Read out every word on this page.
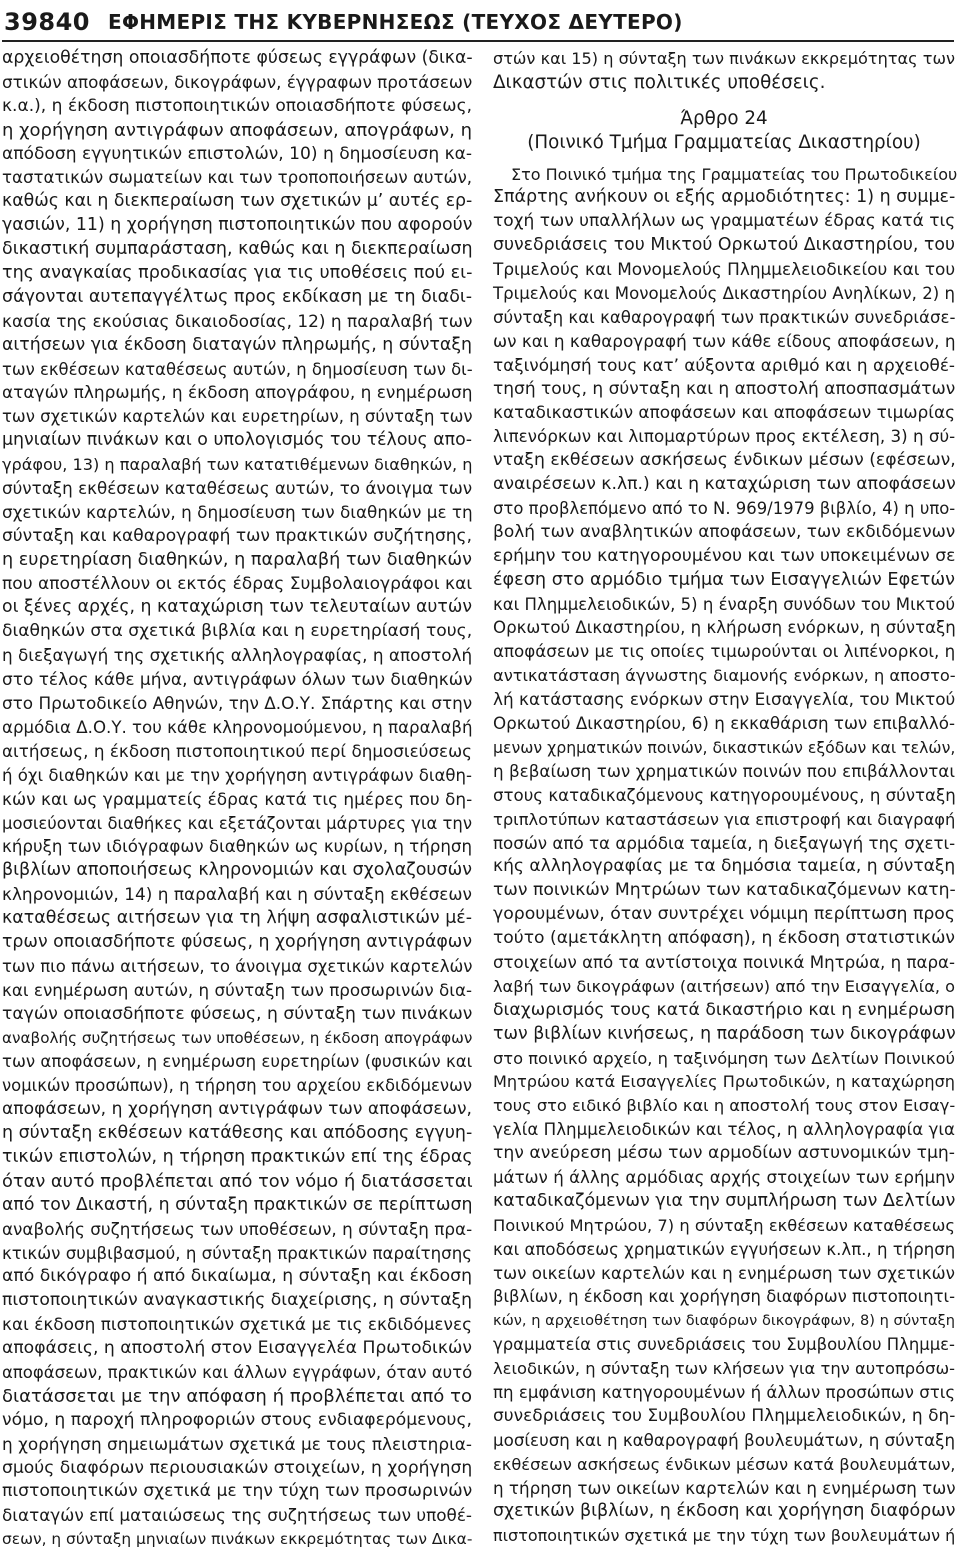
39840 ΕΦΗΜΕΡΙΣ ΤΗΣ ΚΥΒΕΡΝΗΣΕΩΣ (ΤΕΥΧΟΣ ΔΕΥΤΕΡΟ)
αρχειοθέτηση οποιασδήποτε φύσεως εγγράφων (δικα-
στικών αποφάσεων, δικογράφων, έγγραφων προτάσεων
κ.α.), η έκδοση πιστοποιητικών οποιασδήποτε φύσεως,
η χορήγηση αντιγράφων αποφάσεων, απογράφων, η
απόδοση εγγυητικών επιστολών, 10) η δημοσίευση κα-
ταστατικών σωματείων και των τροποποιήσεων αυτών,
καθώς και η διεκπεραίωση των σχετικών μ’ αυτές ερ-
γασιών, 11) η χορήγηση πιστοποιητικών που αφορούν
δικαστική συμπαράσταση, καθώς και η διεκπεραίωση
της αναγκαίας προδικασίας για τις υποθέσεις πού ει-
σάγονται αυτεπαγγέλτως προς εκδίκαση με τη διαδι-
κασία της εκούσιας δικαιοδοσίας, 12) η παραλαβή των
αιτήσεων για έκδοση διαταγών πληρωμής, η σύνταξη
των εκθέσεων καταθέσεως αυτών, η δημοσίευση των δι-
αταγών πληρωμής, η έκδοση απογράφου, η ενημέρωση
των σχετικών καρτελών και ευρετηρίων, η σύνταξη των
μηνιαίων πινάκων και ο υπολογισμός του τέλους απο-
γράφου, 13) η παραλαβή των κατατιθέμενων διαθηκών, η
σύνταξη εκθέσεων καταθέσεως αυτών, το άνοιγμα των
σχετικών καρτελών, η δημοσίευση των διαθηκών με τη
σύνταξη και καθαρογραφή των πρακτικών συζήτησης,
η ευρετηρίαση διαθηκών, η παραλαβή των διαθηκών
που αποστέλλουν οι εκτός έδρας Συμβολαιογράφοι και
οι ξένες αρχές, η καταχώριση των τελευταίων αυτών
διαθηκών στα σχετικά βιβλία και η ευρετηρίασή τους,
η διεξαγωγή της σχετικής αλληλογραφίας, η αποστολή
στο τέλος κάθε μήνα, αντιγράφων όλων των διαθηκών
στο Πρωτοδικείο Αθηνών, την Δ.Ο.Υ. Σπάρτης και στην
αρμόδια Δ.Ο.Υ. του κάθε κληρονομούμενου, η παραλαβή
αιτήσεως, η έκδοση πιστοποιητικού περί δημοσιεύσεως
ή όχι διαθηκών και με την χορήγηση αντιγράφων διαθη-
κών και ως γραμματείς έδρας κατά τις ημέρες που δη-
μοσιεύονται διαθήκες και εξετάζονται μάρτυρες για την
κήρυξη των ιδιόγραφων διαθηκών ως κυρίων, η τήρηση
βιβλίων αποποιήσεως κληρονομιών και σχολαζουσών
κληρονομιών, 14) η παραλαβή και η σύνταξη εκθέσεων
καταθέσεως αιτήσεων για τη λήψη ασφαλιστικών μέ-
τρων οποιασδήποτε φύσεως, η χορήγηση αντιγράφων
των πιο πάνω αιτήσεων, το άνοιγμα σχετικών καρτελών
και ενημέρωση αυτών, η σύνταξη των προσωρινών δια-
ταγών οποιασδήποτε φύσεως, η σύνταξη των πινάκων
αναβολής συζητήσεως των υποθέσεων, η έκδοση απογράφων
των αποφάσεων, η ενημέρωση ευρετηρίων (φυσικών και
νομικών προσώπων), η τήρηση του αρχείου εκδιδόμενων
αποφάσεων, η χορήγηση αντιγράφων των αποφάσεων,
η σύνταξη εκθέσεων κατάθεσης και απόδοσης εγγυη-
τικών επιστολών, η τήρηση πρακτικών επί της έδρας
όταν αυτό προβλέπεται από τον νόμο ή διατάσσεται
από τον Δικαστή, η σύνταξη πρακτικών σε περίπτωση
αναβολής συζητήσεως των υποθέσεων, η σύνταξη πρα-
κτικών συμβιβασμού, η σύνταξη πρακτικών παραίτησης
από δικόγραφο ή από δικαίωμα, η σύνταξη και έκδοση
πιστοποιητικών αναγκαστικής διαχείρισης, η σύνταξη
και έκδοση πιστοποιητικών σχετικά με τις εκδιδόμενες
αποφάσεις, η αποστολή στον Εισαγγελέα Πρωτοδικών
αποφάσεων, πρακτικών και άλλων εγγράφων, όταν αυτό
διατάσσεται με την απόφαση ή προβλέπεται από το
νόμο, η παροχή πληροφοριών στους ενδιαφερόμενους,
η χορήγηση σημειωμάτων σχετικά με τους πλειστηρια-
σμούς διαφόρων περιουσιακών στοιχείων, η χορήγηση
πιστοποιητικών σχετικά με την τύχη των προσωρινών
διαταγών επί ματαιώσεως της συζητήσεως των υποθέ-
σεων, η σύνταξη μηνιαίων πινάκων εκκρεμότητας των Δικα-
στών και 15) η σύνταξη των πινάκων εκκρεμότητας των
Δικαστών στις πολιτικές υποθέσεις.
Άρθρο 24
(Ποινικό Τμήμα Γραμματείας Δικαστηρίου)
Στο Ποινικό τμήμα της Γραμματείας του Πρωτοδικείου
Σπάρτης ανήκουν οι εξής αρμοδιότητες: 1) η συμμε-
τοχή των υπαλλήλων ως γραμματέων έδρας κατά τις
συνεδριάσεις του Μικτού Ορκωτού Δικαστηρίου, του
Τριμελούς και Μονομελούς Πλημμελειοδικείου και του
Τριμελούς και Μονομελούς Δικαστηρίου Ανηλίκων, 2) η
σύνταξη και καθαρογραφή των πρακτικών συνεδριάσε-
ων και η καθαρογραφή των κάθε είδους αποφάσεων, η
ταξινόμησή τους κατ’ αύξοντα αριθμό και η αρχειοθέ-
τησή τους, η σύνταξη και η αποστολή αποσπασμάτων
καταδικαστικών αποφάσεων και αποφάσεων τιμωρίας
λιπενόρκων και λιπομαρτύρων προς εκτέλεση, 3) η σύ-
νταξη εκθέσεων ασκήσεως ένδικων μέσων (εφέσεων,
αναιρέσεων κ.λπ.) και η καταχώριση των αποφάσεων
στο προβλεπόμενο από το Ν. 969/1979 βιβλίο, 4) η υπο-
βολή των αναβλητικών αποφάσεων, των εκδιδόμενων
ερήμην του κατηγορουμένου και των υποκειμένων σε
έφεση στο αρμόδιο τμήμα των Εισαγγελιών Εφετών
και Πλημμελειοδικών, 5) η έναρξη συνόδων του Μικτού
Ορκωτού Δικαστηρίου, η κλήρωση ενόρκων, η σύνταξη
αποφάσεων με τις οποίες τιμωρούνται οι λιπένορκοι, η
αντικατάσταση άγνωστης διαμονής ενόρκων, η αποστο-
λή κατάστασης ενόρκων στην Εισαγγελία, του Μικτού
Ορκωτού Δικαστηρίου, 6) η εκκαθάριση των επιβαλλό-
μενων χρηματικών ποινών, δικαστικών εξόδων και τελών,
η βεβαίωση των χρηματικών ποινών που επιβάλλονται
στους καταδικαζόμενους κατηγορουμένους, η σύνταξη
τριπλοτύπων καταστάσεων για επιστροφή και διαγραφή
ποσών από τα αρμόδια ταμεία, η διεξαγωγή της σχετι-
κής αλληλογραφίας με τα δημόσια ταμεία, η σύνταξη
των ποινικών Μητρώων των καταδικαζόμενων κατη-
γορουμένων, όταν συντρέχει νόμιμη περίπτωση προς
τούτο (αμετάκλητη απόφαση), η έκδοση στατιστικών
στοιχείων από τα αντίστοιχα ποινικά Μητρώα, η παρα-
λαβή των δικογράφων (αιτήσεων) από την Εισαγγελία, ο
διαχωρισμός τους κατά δικαστήριο και η ενημέρωση
των βιβλίων κινήσεως, η παράδοση των δικογράφων
στο ποινικό αρχείο, η ταξινόμηση των Δελτίων Ποινικού
Μητρώου κατά Εισαγγελίες Πρωτοδικών, η καταχώρηση
τους στο ειδικό βιβλίο και η αποστολή τους στον Εισαγ-
γελία Πλημμελειοδικών και τέλος, η αλληλογραφία για
την ανεύρεση μέσω των αρμοδίων αστυνομικών τμη-
μάτων ή άλλης αρμόδιας αρχής στοιχείων των ερήμην
καταδικαζόμενων για την συμπλήρωση των Δελτίων
Ποινικού Μητρώου, 7) η σύνταξη εκθέσεων καταθέσεως
και αποδόσεως χρηματικών εγγυήσεων κ.λπ., η τήρηση
των οικείων καρτελών και η ενημέρωση των σχετικών
βιβλίων, η έκδοση και χορήγηση διαφόρων πιστοποιητι-
κών, η αρχειοθέτηση των διαφόρων δικογράφων, 8) η σύνταξη
γραμματεία στις συνεδριάσεις του Συμβουλίου Πλημμε-
λειοδικών, η σύνταξη των κλήσεων για την αυτοπρόσω-
πη εμφάνιση κατηγορουμένων ή άλλων προσώπων στις
συνεδριάσεις του Συμβουλίου Πλημμελειοδικών, η δη-
μοσίευση και η καθαρογραφή βουλευμάτων, η σύνταξη
εκθέσεων ασκήσεως ένδικων μέσων κατά βουλευμάτων,
η τήρηση των οικείων καρτελών και η ενημέρωση των
σχετικών βιβλίων, η έκδοση και χορήγηση διαφόρων
πιστοποιητικών σχετικά με την τύχη των βουλευμάτων ή
